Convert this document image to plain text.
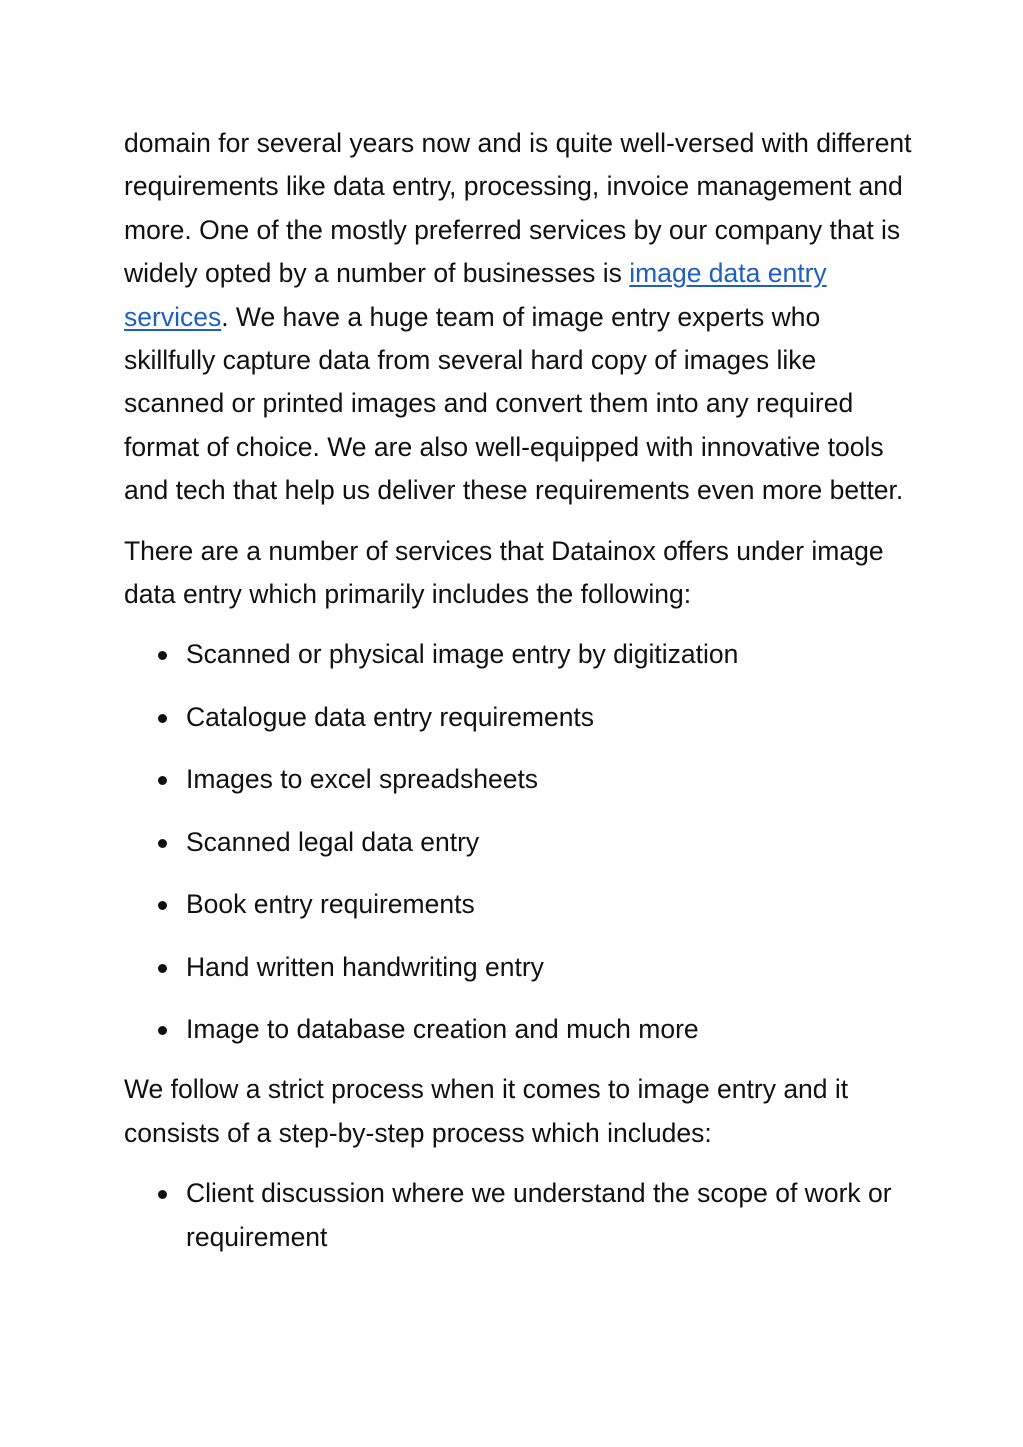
domain for several years now and is quite well-versed with different requirements like data entry, processing, invoice management and more. One of the mostly preferred services by our company that is widely opted by a number of businesses is image data entry services. We have a huge team of image entry experts who skillfully capture data from several hard copy of images like scanned or printed images and convert them into any required format of choice. We are also well-equipped with innovative tools and tech that help us deliver these requirements even more better.

There are a number of services that Datainox offers under image data entry which primarily includes the following:

Scanned or physical image entry by digitization
Catalogue data entry requirements
Images to excel spreadsheets
Scanned legal data entry
Book entry requirements
Hand written handwriting entry
Image to database creation and much more

We follow a strict process when it comes to image entry and it consists of a step-by-step process which includes:

Client discussion where we understand the scope of work or requirement
